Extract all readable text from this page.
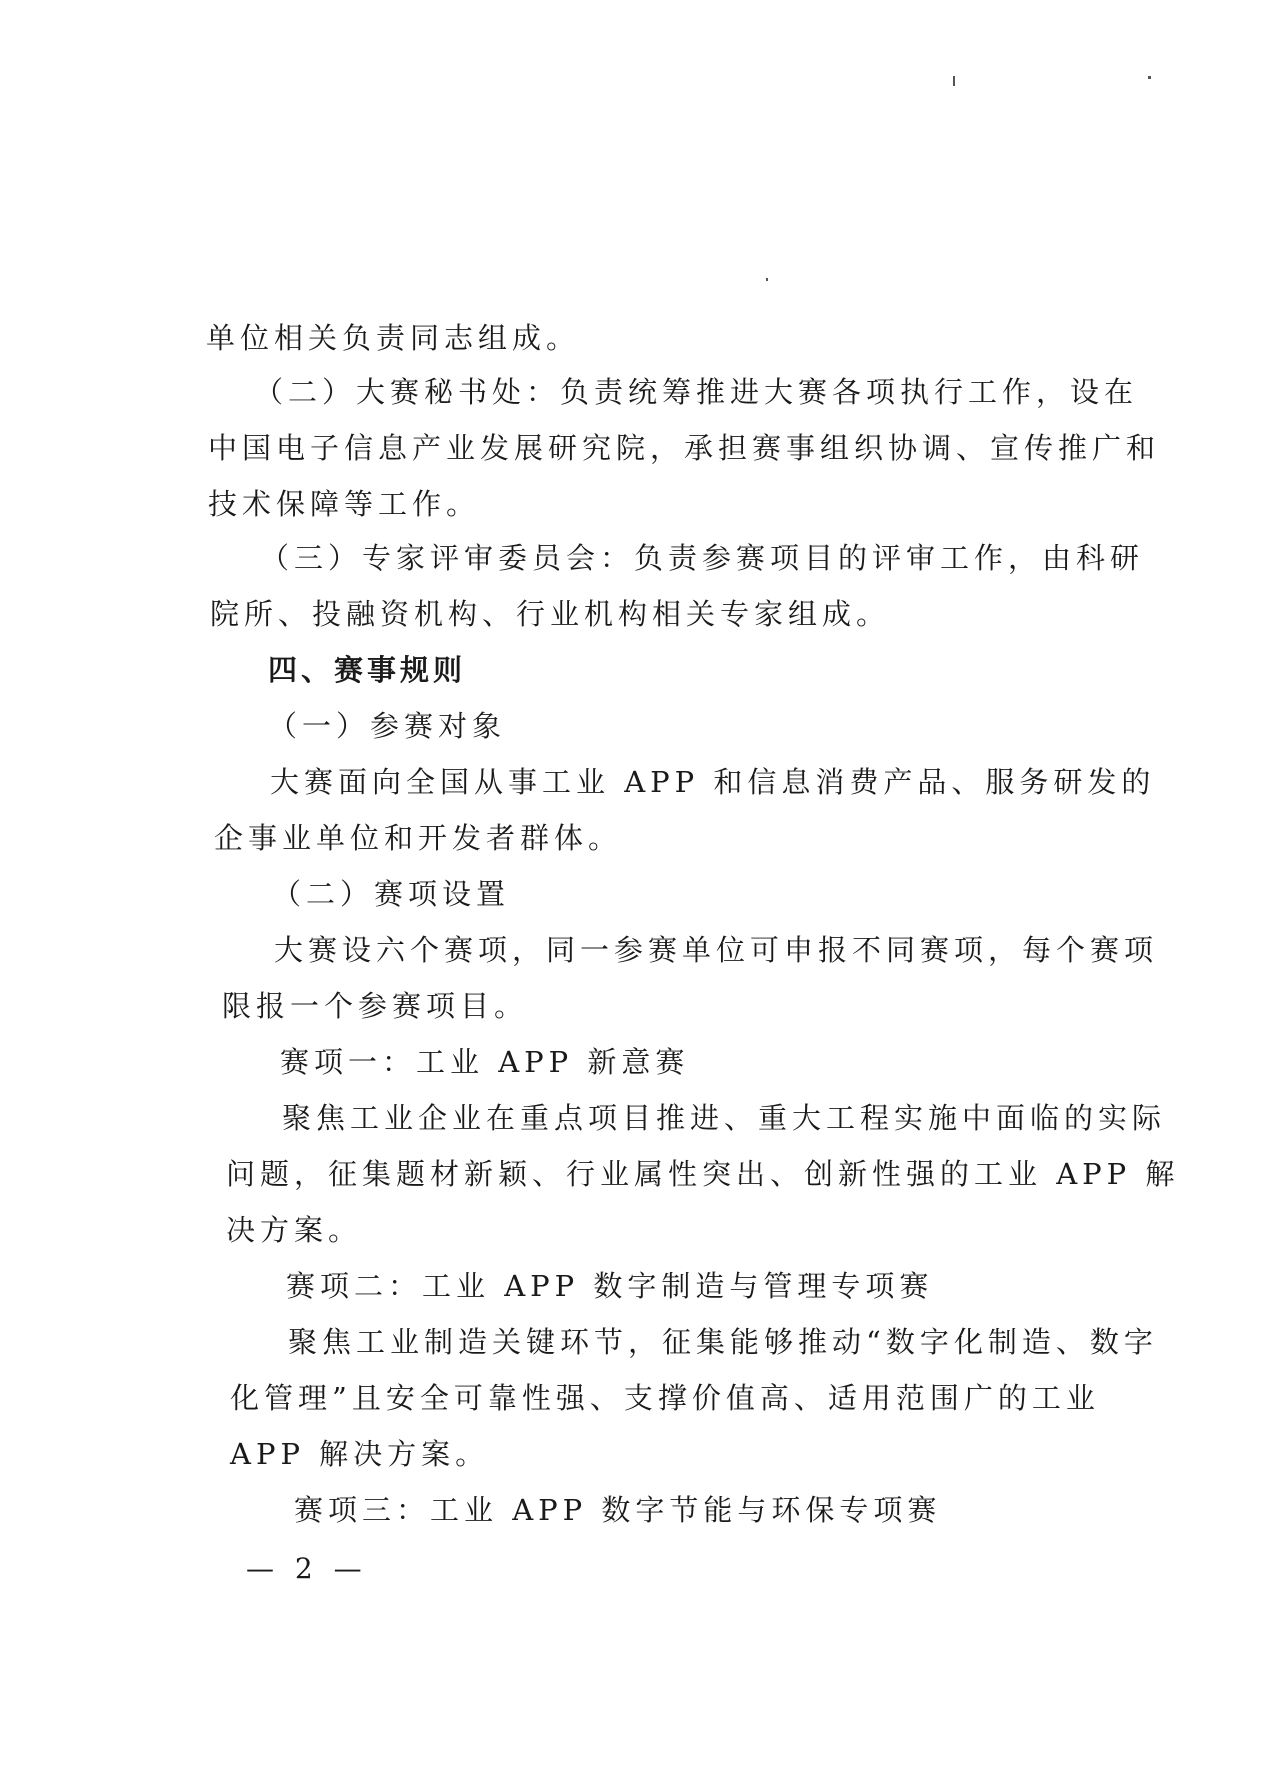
单位相关负责同志组成。
（二）大赛秘书处：负责统筹推进大赛各项执行工作，设在
中国电子信息产业发展研究院，承担赛事组织协调、宣传推广和
技术保障等工作。
（三）专家评审委员会：负责参赛项目的评审工作，由科研
院所、投融资机构、行业机构相关专家组成。
四、赛事规则
（一）参赛对象
大赛面向全国从事工业 APP 和信息消费产品、服务研发的
企事业单位和开发者群体。
（二）赛项设置
大赛设六个赛项，同一参赛单位可申报不同赛项，每个赛项
限报一个参赛项目。
赛项一：工业 APP 新意赛
聚焦工业企业在重点项目推进、重大工程实施中面临的实际
问题，征集题材新颖、行业属性突出、创新性强的工业 APP 解
决方案。
赛项二：工业 APP 数字制造与管理专项赛
聚焦工业制造关键环节，征集能够推动“数字化制造、数字
化管理”且安全可靠性强、支撑价值高、适用范围广的工业
APP 解决方案。
赛项三：工业 APP 数字节能与环保专项赛
— 2 —
